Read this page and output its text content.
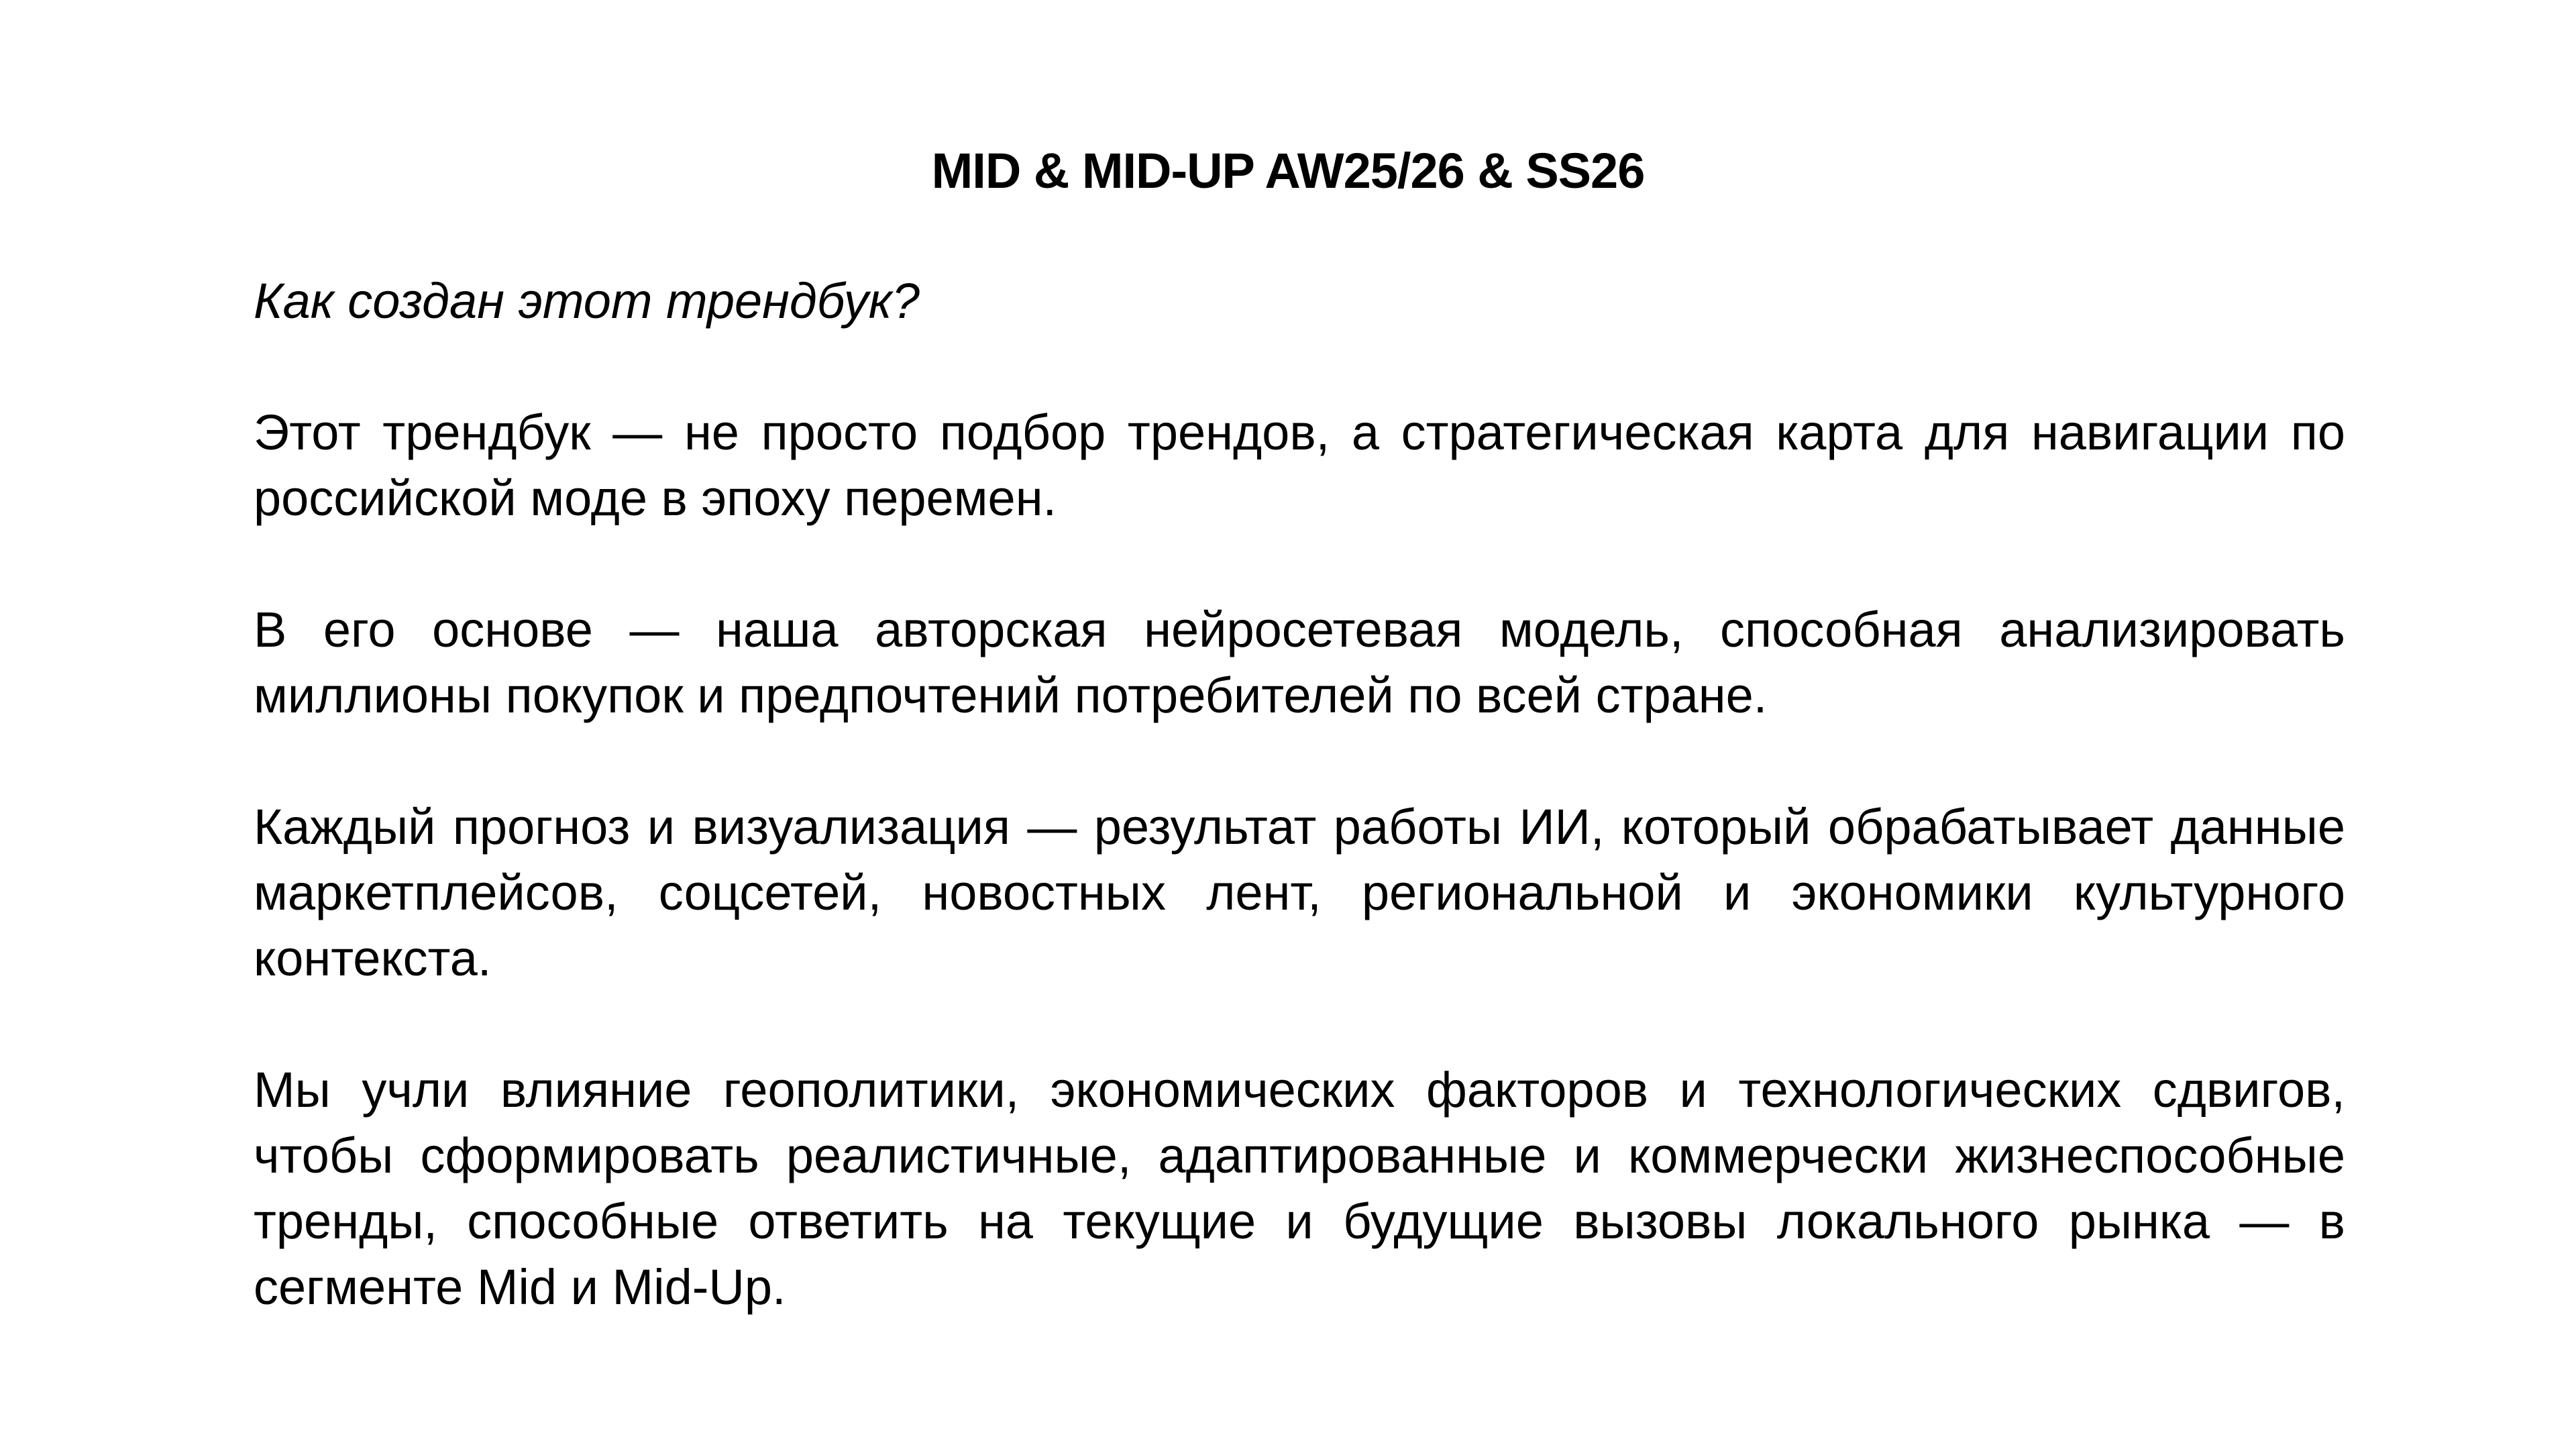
MID & MID-UP AW25/26 & SS26

Как создан этот трендбук?

Этот трендбук — не просто подбор трендов, а стратегическая карта для навигации по российской моде в эпоху перемен.

В его основе — наша авторская нейросетевая модель, способная анализировать миллионы покупок и предпочтений потребителей по всей стране.

Каждый прогноз и визуализация — результат работы ИИ, который обрабатывает данные маркетплейсов, соцсетей, новостных лент, региональной и экономики культурного контекста.

Мы учли влияние геополитики, экономических факторов и технологических сдвигов, чтобы сформировать реалистичные, адаптированные и коммерчески жизнеспособные тренды, способные ответить на текущие и будущие вызовы локального рынка — в сегменте Mid и Mid-Up.
